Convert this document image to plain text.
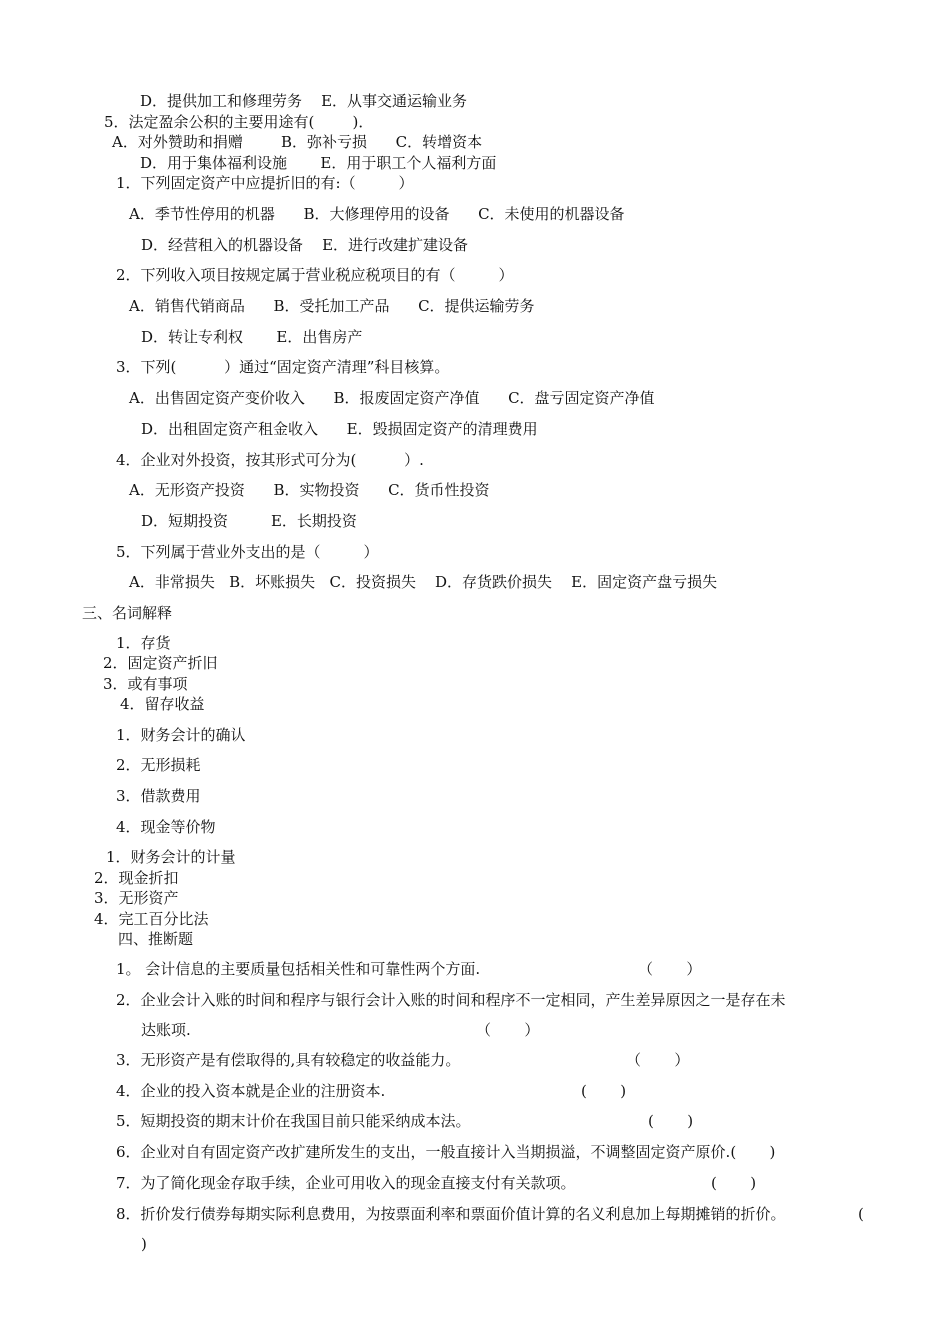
D．提供加工和修理劳务    E．从事交通运输业务
5．法定盈余公积的主要用途有(        )．
A．对外赞助和捐赠        B．弥补亏损      C．转增资本
D．用于集体福利设施       E．用于职工个人福利方面
1．下列固定资产中应提折旧的有:（         ）
A．季节性停用的机器      B．大修理停用的设备      C．未使用的机器设备
D．经营租入的机器设备    E．进行改建扩建设备
2．下列收入项目按规定属于营业税应税项目的有（         ）
A．销售代销商品      B．受托加工产品      C．提供运输劳务
D．转让专利权       E．出售房产
3．下列(          ）通过“固定资产清理”科目核算。
A．出售固定资产变价收入      B．报废固定资产净值      C．盘亏固定资产净值
D．出租固定资产租金收入      E．毁损固定资产的清理费用
4．企业对外投资，按其形式可分为(          ）.
A．无形资产投资      B．实物投资      C．货币性投资
D．短期投资         E．长期投资
5．下列属于营业外支出的是（         ）
A．非常损失   B．坏账损失   C．投资损失    D．存货跌价损失    E．固定资产盘亏损失
三、名词解释
1．存货
2．固定资产折旧
3．或有事项
4．留存收益
1．财务会计的确认
2．无形损耗
3．借款费用
4．现金等价物
1．财务会计的计量
2．现金折扣
3．无形资产
4．完工百分比法
四、推断题
1。 会计信息的主要质量包括相关性和可靠性两个方面.	（       ）
2．企业会计入账的时间和程序与银行会计入账的时间和程序不一定相同，产生差异原因之一是存在未
达账项.	（       ）
3．无形资产是有偿取得的,具有较稳定的收益能力。	（       ）
4．企业的投入资本就是企业的注册资本.	(       )
5．短期投资的期末计价在我国目前只能采纳成本法。	(       )
6．企业对自有固定资产改扩建所发生的支出，一般直接计入当期损溢，不调整固定资产原价.(       )
7．为了简化现金存取手续，企业可用收入的现金直接支付有关款项。	(       )
8．折价发行债券每期实际利息费用，为按票面利率和票面价值计算的名义利息加上每期摊销的折价。	(
)
